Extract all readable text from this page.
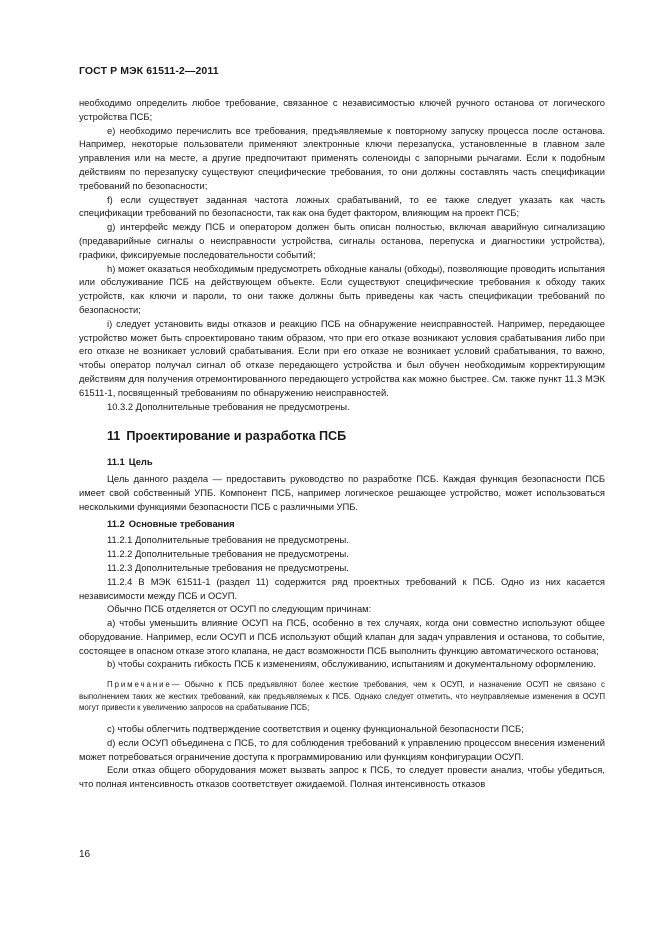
ГОСТ Р МЭК 61511-2—2011

необходимо определить любое требование, связанное с независимостью ключей ручного останова от логического устройства ПСБ;

e) необходимо перечислить все требования, предъявляемые к повторному запуску процесса после останова. Например, некоторые пользователи применяют электронные ключи перезапуска, установленные в главном зале управления или на месте, а другие предпочитают применять соленоиды с запорными рычагами. Если к подобным действиям по перезапуску существуют специфические требования, то они должны составлять часть спецификации требований по безопасности;

f) если существует заданная частота ложных срабатываний, то ее также следует указать как часть спецификации требований по безопасности, так как она будет фактором, влияющим на проект ПСБ;

g) интерфейс между ПСБ и оператором должен быть описан полностью, включая аварийную сигнализацию (предаварийные сигналы о неисправности устройства, сигналы останова, перепуска и диагностики устройства), графики, фиксируемые последовательности событий;

h) может оказаться необходимым предусмотреть обходные каналы (обходы), позволяющие проводить испытания или обслуживание ПСБ на действующем объекте. Если существуют специфические требования к обходу таких устройств, как ключи и пароли, то они также должны быть приведены как часть спецификации требований по безопасности;

i) следует установить виды отказов и реакцию ПСБ на обнаружение неисправностей. Например, передающее устройство может быть спроектировано таким образом, что при его отказе возникают условия срабатывания либо при его отказе не возникает условий срабатывания. Если при его отказе не возникает условий срабатывания, то важно, чтобы оператор получал сигнал об отказе передающего устройства и был обучен необходимым корректирующим действиям для получения отремонтированного передающего устройства как можно быстрее. См. также пункт 11.3 МЭК 61511-1, посвященный требованиям по обнаружению неисправностей.

10.3.2 Дополнительные требования не предусмотрены.

11 Проектирование и разработка ПСБ
11.1 Цель

Цель данного раздела — предоставить руководство по разработке ПСБ. Каждая функция безопасности ПСБ имеет свой собственный УПБ. Компонент ПСБ, например логическое решающее устройство, может использоваться несколькими функциями безопасности ПСБ с различными УПБ.

11.2 Основные требования

11.2.1 Дополнительные требования не предусмотрены.

11.2.2 Дополнительные требования не предусмотрены.

11.2.3 Дополнительные требования не предусмотрены.

11.2.4 В МЭК 61511-1 (раздел 11) содержится ряд проектных требований к ПСБ. Одно из них касается независимости между ПСБ и ОСУП.

Обычно ПСБ отделяется от ОСУП по следующим причинам:

a) чтобы уменьшить влияние ОСУП на ПСБ, особенно в тех случаях, когда они совместно используют общее оборудование. Например, если ОСУП и ПСБ используют общий клапан для задач управления и останова, то событие, состоящее в опасном отказе этого клапана, не даст возможности ПСБ выполнить функцию автоматического останова;

b) чтобы сохранить гибкость ПСБ к изменениям, обслуживанию, испытаниям и документальному оформлению.

Примечание— Обычно к ПСБ предъявляют более жесткие требования, чем к ОСУП, и назначение ОСУП не связано с выполнением таких же жестких требований, как предъявляемых к ПСБ. Однако следует отметить, что неуправляемые изменения в ОСУП могут привести к увеличению запросов на срабатывание ПСБ;

c) чтобы облегчить подтверждение соответствия и оценку функциональной безопасности ПСБ;

d) если ОСУП объединена с ПСБ, то для соблюдения требований к управлению процессом внесения изменений может потребоваться ограничение доступа к программированию или функциям конфигурации ОСУП.

Если отказ общего оборудования может вызвать запрос к ПСБ, то следует провести анализ, чтобы убедиться, что полная интенсивность отказов соответствует ожидаемой. Полная интенсивность отказов

16
